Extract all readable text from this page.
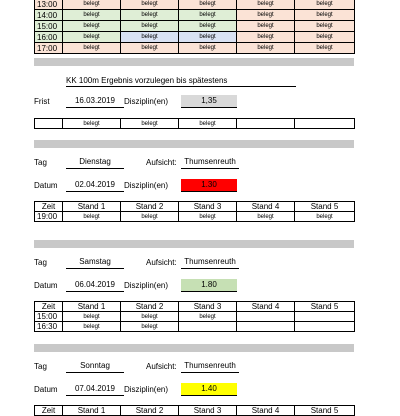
13:00	belegt	belegt	belegt	belegt	belegt
14:00	belegt	belegt	belegt	belegt	belegt
15:00	belegt	belegt	belegt	belegt	belegt
16:00	belegt	belegt	belegt	belegt	belegt
17:00	belegt	belegt	belegt	belegt	belegt
KK 100m Ergebnis vorzulegen bis spätestens
Frist	16.03.2019	Disziplin(en)	1,35
	belegt	belegt	belegt		
Tag	Dienstag	Aufsicht: Thumsenreuth
Datum	02.04.2019	Disziplin(en)	1.30
Zeit	Stand 1	Stand 2	Stand 3	Stand 4	Stand 5
19:00	belegt	belegt	belegt	belegt	belegt
Tag	Samstag	Aufsicht: Thumsenreuth
Datum	06.04.2019	Disziplin(en)	1.80
Zeit	Stand 1	Stand 2	Stand 3	Stand 4	Stand 5
15:00	belegt	belegt	belegt		
16:30	belegt	belegt			
Tag	Sonntag	Aufsicht: Thumsenreuth
Datum	07.04.2019	Disziplin(en)	1.40
Zeit	Stand 1	Stand 2	Stand 3	Stand 4	Stand 5
